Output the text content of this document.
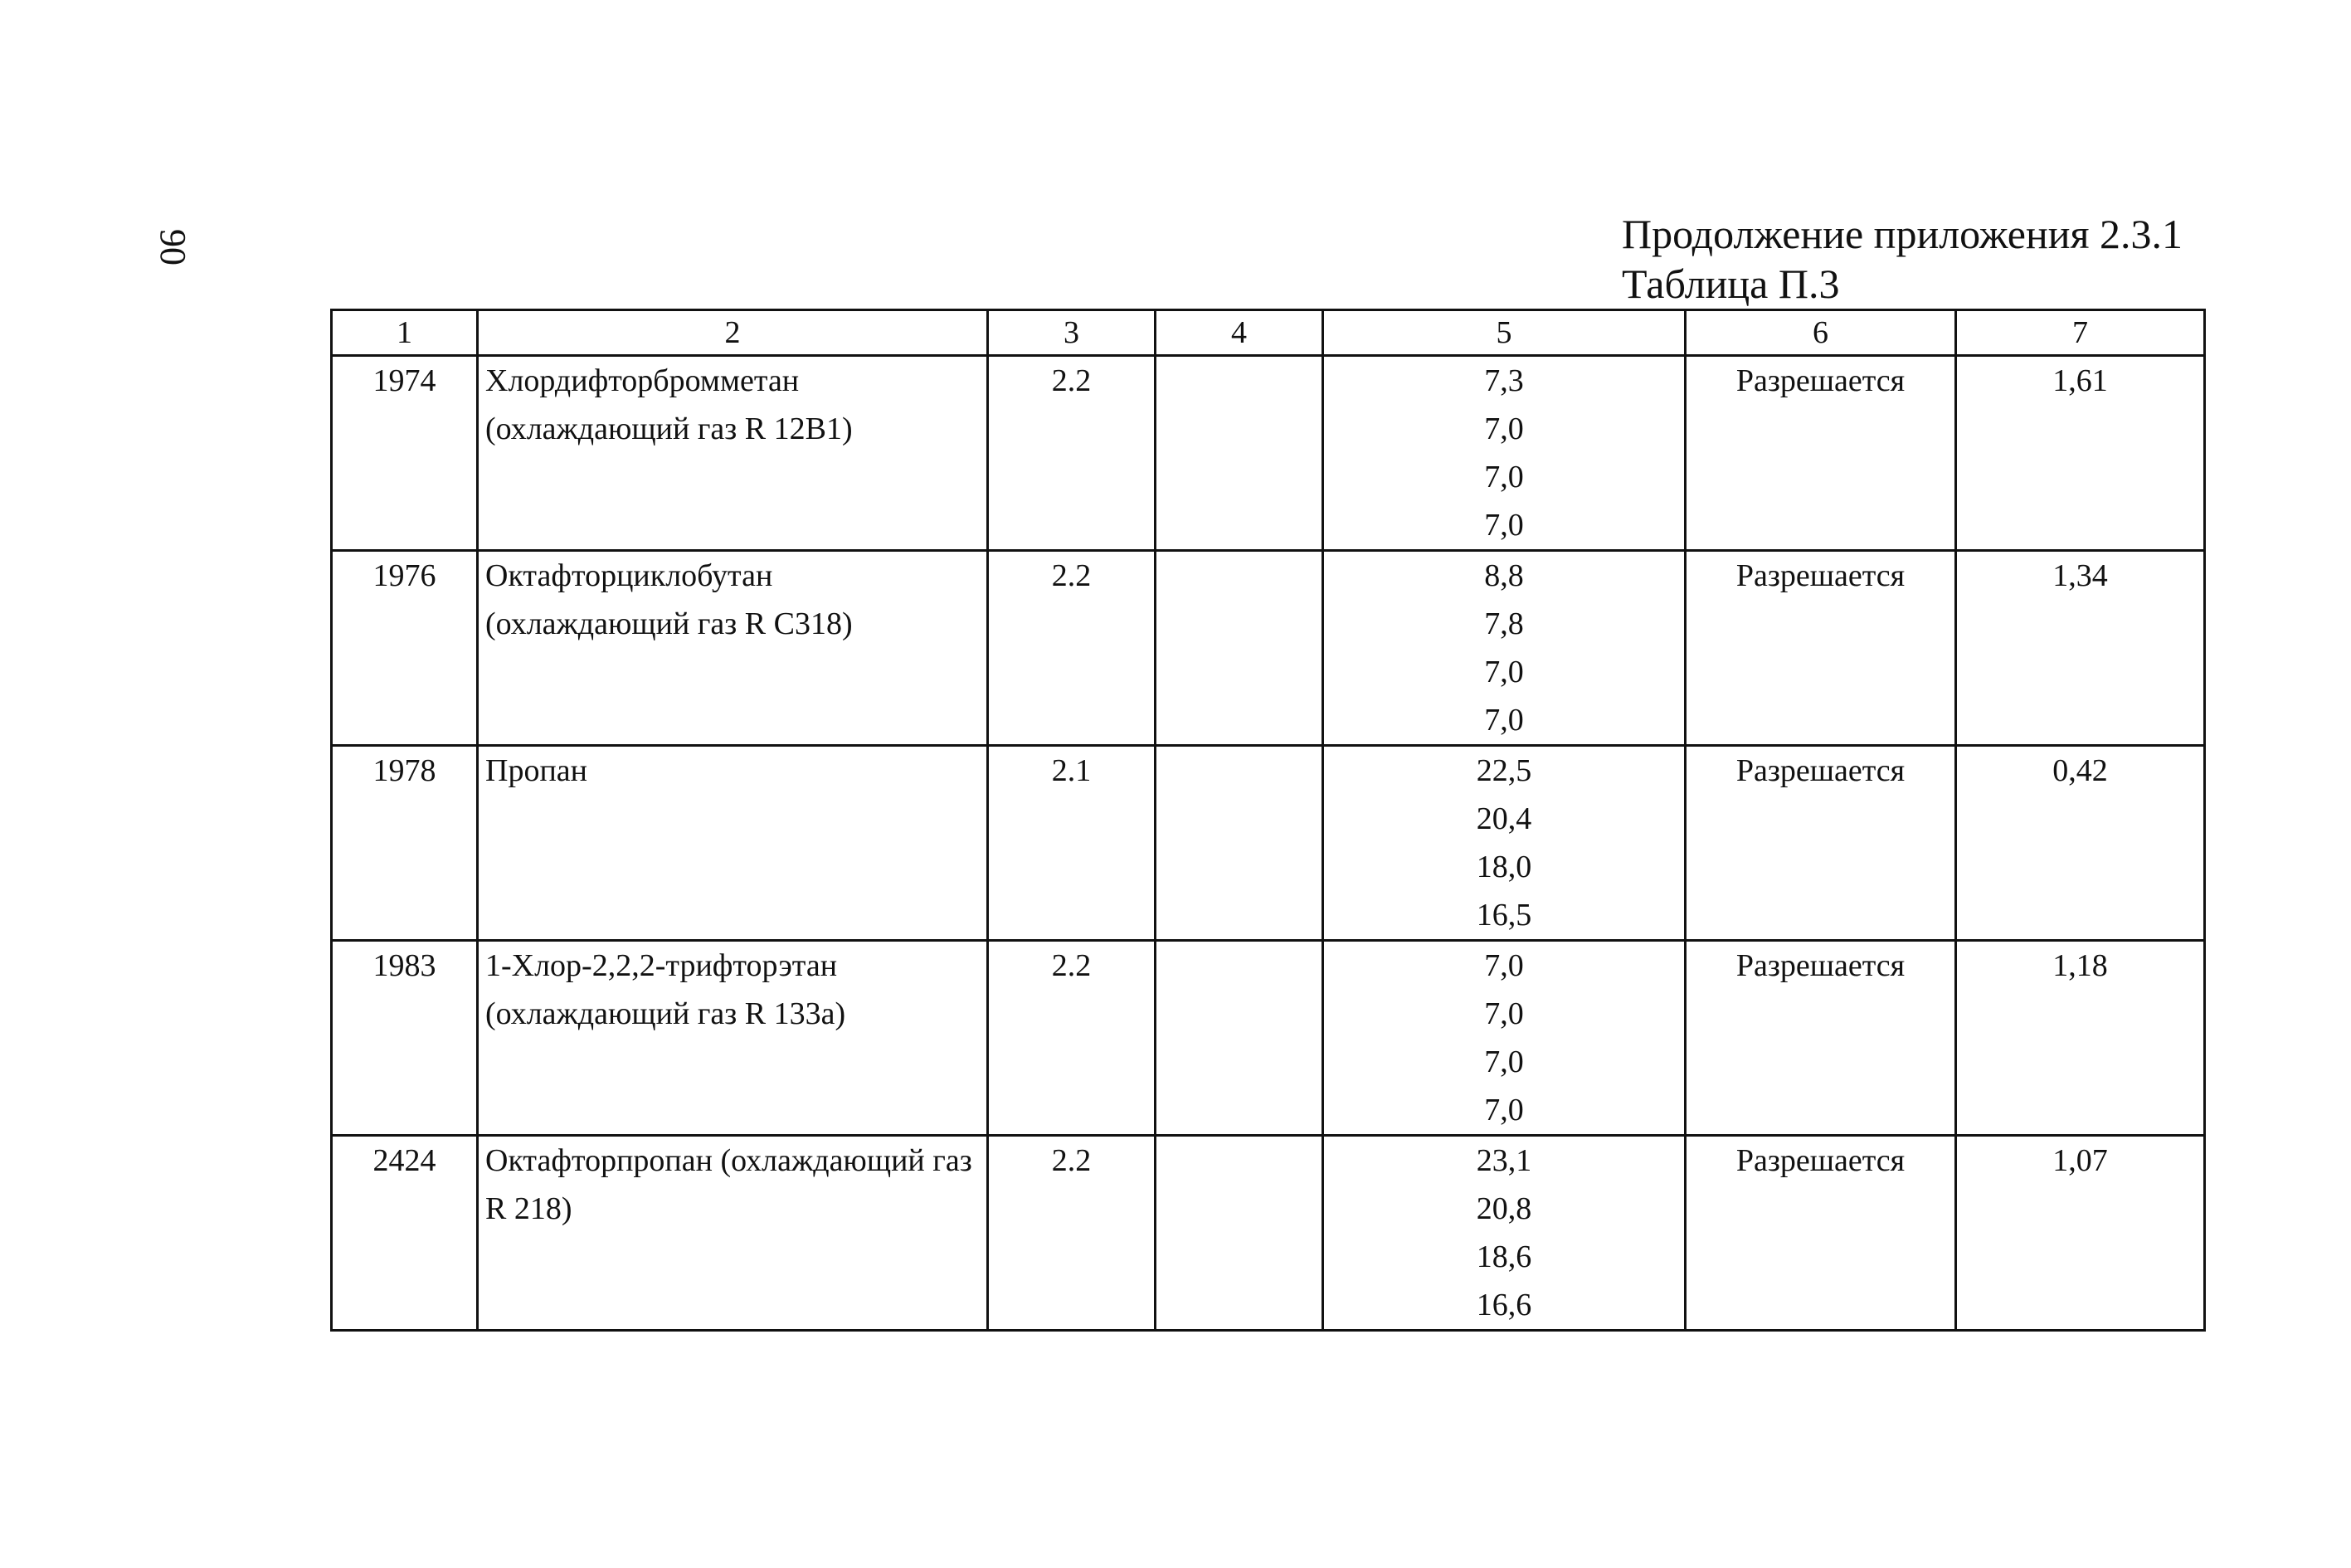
90	Продолжение приложения 2.3.1
Таблица П.3
1	2	3	4	5	6	7
1974	Хлордифторбромметан (охлаждающий газ R 12B1)	2.2		7,3
7,0
7,0
7,0	Разрешается	1,61
1976	Октафторциклобутан (охлаждающий газ R C318)	2.2		8,8
7,8
7,0
7,0	Разрешается	1,34
1978	Пропан	2.1		22,5
20,4
18,0
16,5	Разрешается	0,42
1983	1-Хлор-2,2,2-трифторэтан (охлаждающий газ R 133a)	2.2		7,0
7,0
7,0
7,0	Разрешается	1,18
2424	Октафторпропан (охлаждающий газ R 218)	2.2		23,1
20,8
18,6
16,6	Разрешается	1,07
